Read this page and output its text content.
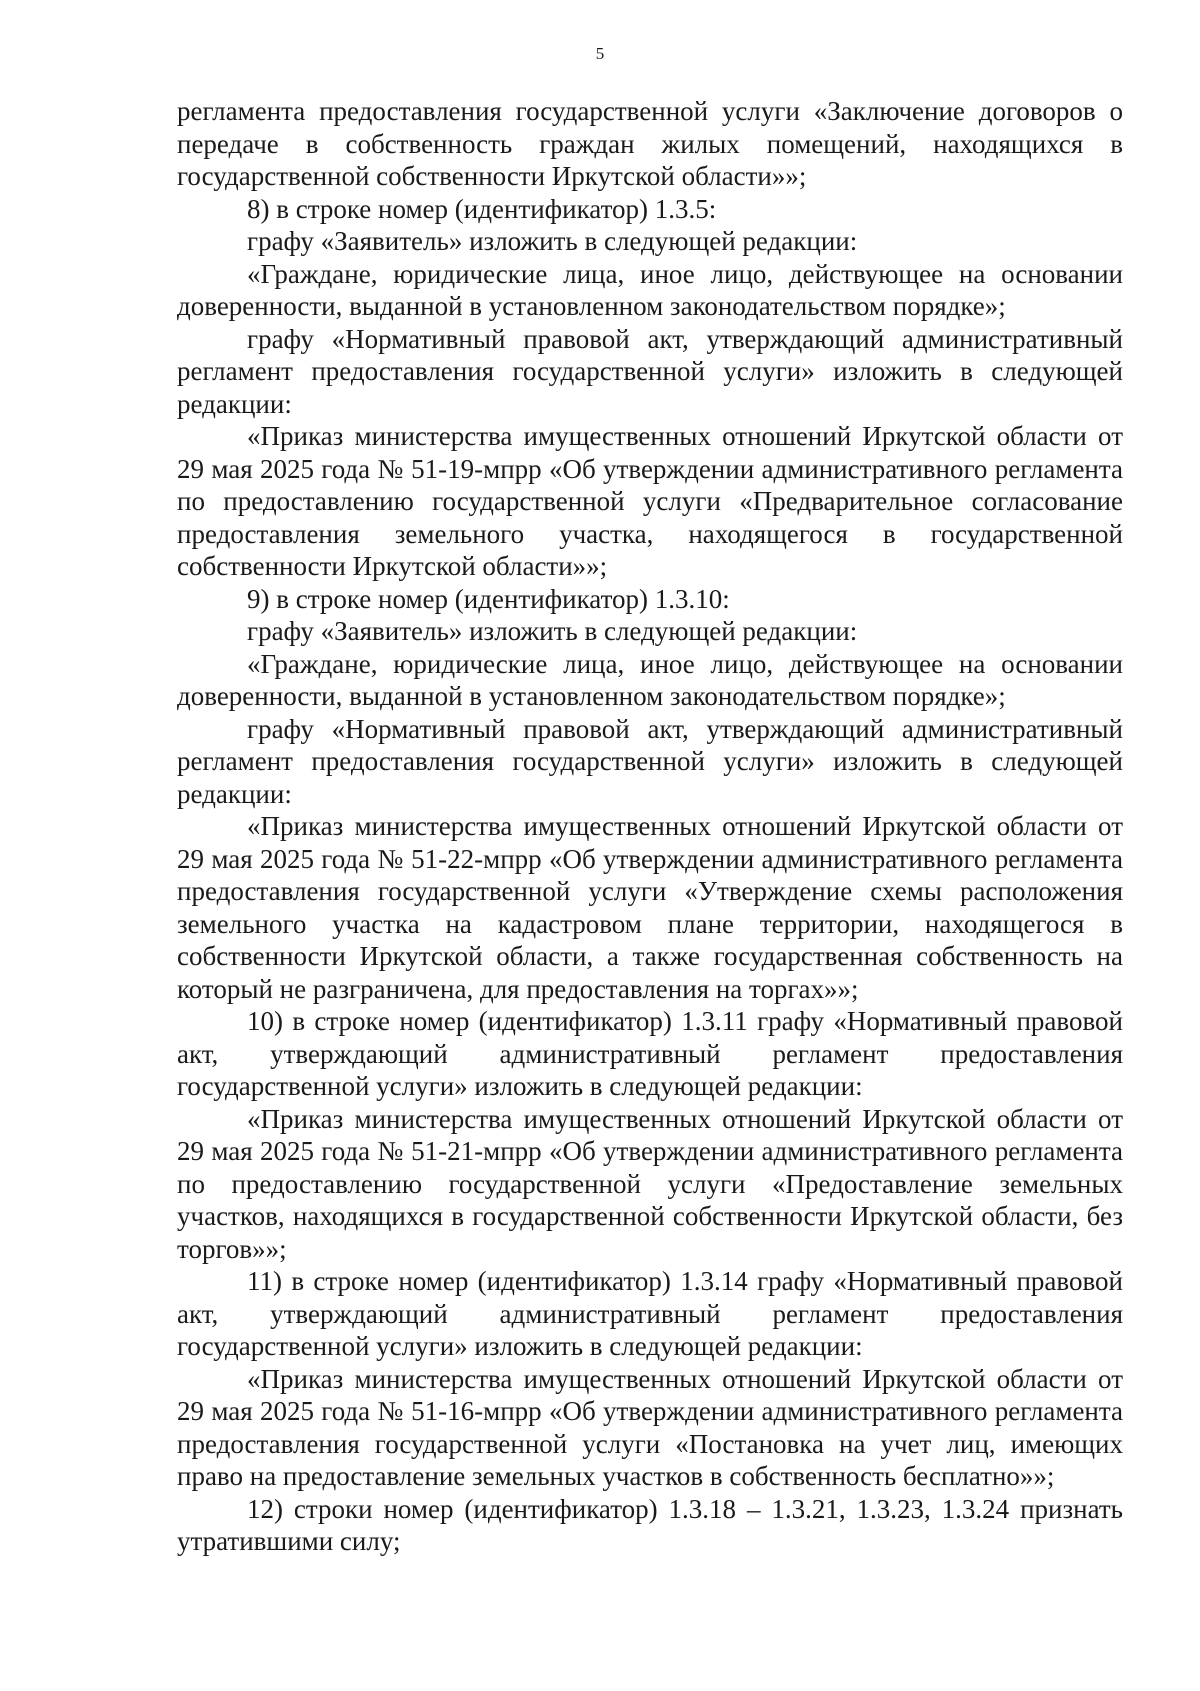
5

регламента предоставления государственной услуги «Заключение договоров о передаче в собственность граждан жилых помещений, находящихся в государственной собственности Иркутской области»»;

8) в строке номер (идентификатор) 1.3.5:

графу «Заявитель» изложить в следующей редакции:

«Граждане, юридические лица, иное лицо, действующее на основании доверенности, выданной в установленном законодательством порядке»;

графу «Нормативный правовой акт, утверждающий административный регламент предоставления государственной услуги» изложить в следующей редакции:

«Приказ министерства имущественных отношений Иркутской области от 29 мая 2025 года № 51-19-мпрр «Об утверждении административного регламента по предоставлению государственной услуги «Предварительное согласование предоставления земельного участка, находящегося в государственной собственности Иркутской области»»;

9) в строке номер (идентификатор) 1.3.10:

графу «Заявитель» изложить в следующей редакции:

«Граждане, юридические лица, иное лицо, действующее на основании доверенности, выданной в установленном законодательством порядке»;

графу «Нормативный правовой акт, утверждающий административный регламент предоставления государственной услуги» изложить в следующей редакции:

«Приказ министерства имущественных отношений Иркутской области от 29 мая 2025 года № 51-22-мпрр «Об утверждении административного регламента предоставления государственной услуги «Утверждение схемы расположения земельного участка на кадастровом плане территории, находящегося в собственности Иркутской области, а также государственная собственность на который не разграничена, для предоставления на торгах»»;

10) в строке номер (идентификатор) 1.3.11 графу «Нормативный правовой акт, утверждающий административный регламент предоставления государственной услуги» изложить в следующей редакции:

«Приказ министерства имущественных отношений Иркутской области от 29 мая 2025 года № 51-21-мпрр «Об утверждении административного регламента по предоставлению государственной услуги «Предоставление земельных участков, находящихся в государственной собственности Иркутской области, без торгов»»;

11) в строке номер (идентификатор) 1.3.14 графу «Нормативный правовой акт, утверждающий административный регламент предоставления государственной услуги» изложить в следующей редакции:

«Приказ министерства имущественных отношений Иркутской области от 29 мая 2025 года № 51-16-мпрр «Об утверждении административного регламента предоставления государственной услуги «Постановка на учет лиц, имеющих право на предоставление земельных участков в собственность бесплатно»»;

12) строки номер (идентификатор) 1.3.18 – 1.3.21, 1.3.23, 1.3.24 признать утратившими силу;
